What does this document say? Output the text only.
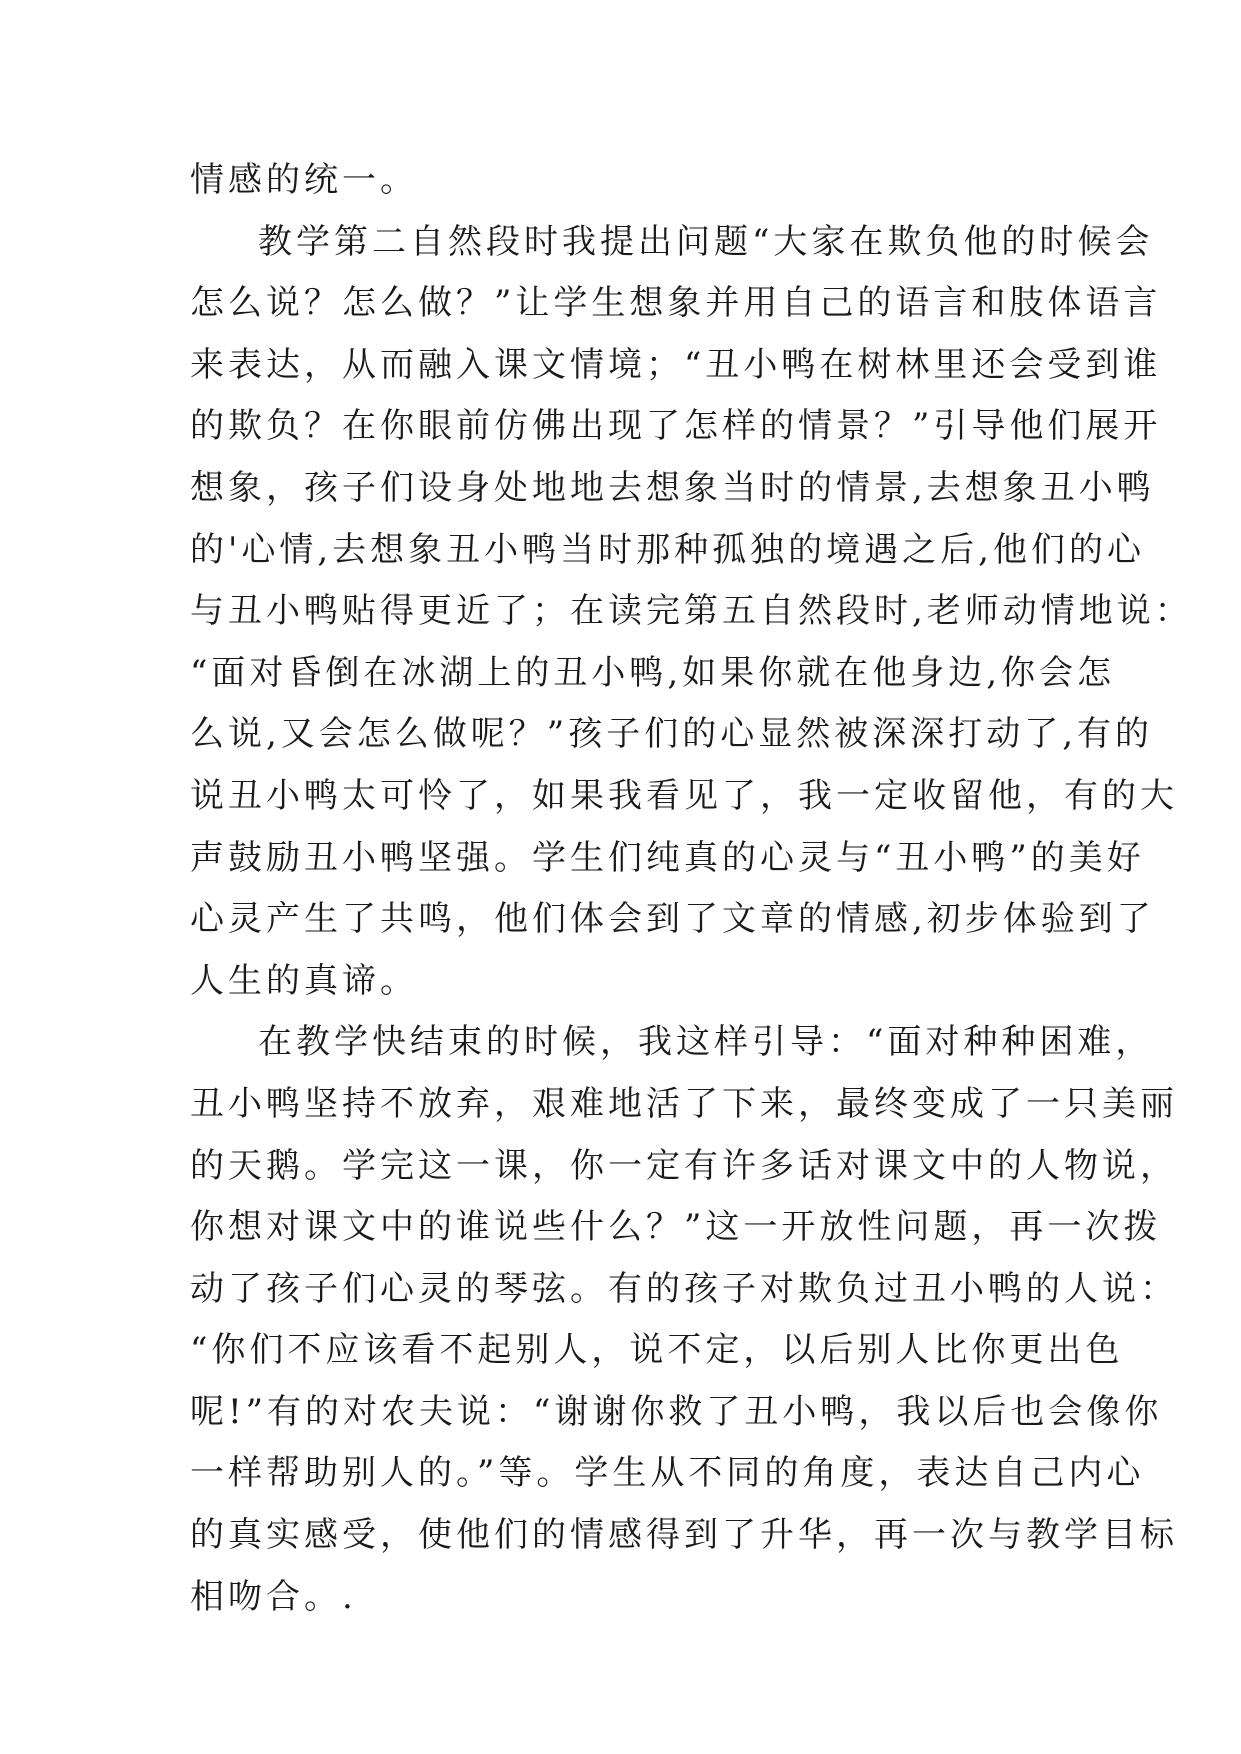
情感的统一。
教学第二自然段时我提出问题“大家在欺负他的时候会
怎么说？怎么做？”让学生想象并用自己的语言和肢体语言
来表达，从而融入课文情境；“丑小鸭在树林里还会受到谁
的欺负？在你眼前仿佛出现了怎样的情景？”引导他们展开
想象，孩子们设身处地地去想象当时的情景,去想象丑小鸭
的'心情,去想象丑小鸭当时那种孤独的境遇之后,他们的心
与丑小鸭贴得更近了；在读完第五自然段时,老师动情地说：
“面对昏倒在冰湖上的丑小鸭,如果你就在他身边,你会怎
么说,又会怎么做呢？”孩子们的心显然被深深打动了,有的
说丑小鸭太可怜了，如果我看见了，我一定收留他，有的大
声鼓励丑小鸭坚强。学生们纯真的心灵与“丑小鸭”的美好
心灵产生了共鸣，他们体会到了文章的情感,初步体验到了
人生的真谛。
在教学快结束的时候，我这样引导：“面对种种困难，
丑小鸭坚持不放弃，艰难地活了下来，最终变成了一只美丽
的天鹅。学完这一课，你一定有许多话对课文中的人物说，
你想对课文中的谁说些什么？”这一开放性问题，再一次拨
动了孩子们心灵的琴弦。有的孩子对欺负过丑小鸭的人说：
“你们不应该看不起别人，说不定，以后别人比你更出色
呢!”有的对农夫说：“谢谢你救了丑小鸭，我以后也会像你
一样帮助别人的。”等。学生从不同的角度，表达自己内心
的真实感受，使他们的情感得到了升华，再一次与教学目标
相吻合。.
